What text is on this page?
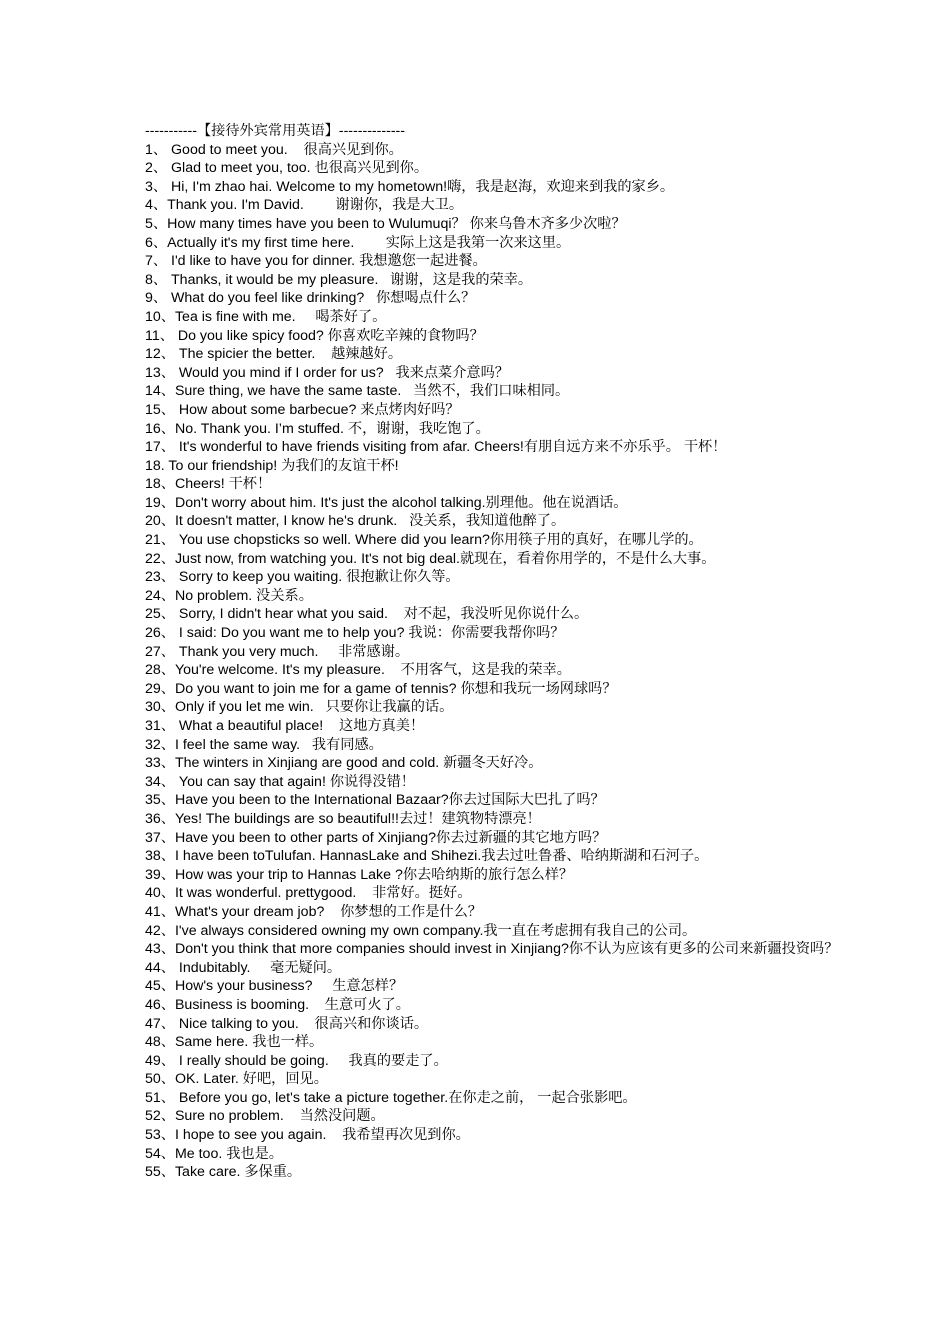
-----------【接待外宾常用英语】--------------
1、 Good to meet you.    很高兴见到你。
2、 Glad to meet you, too. 也很高兴见到你。
3、 Hi, I'm zhao hai. Welcome to my hometown!嗨，我是赵海，欢迎来到我的家乡。
4、Thank you. I'm David.        谢谢你，我是大卫。
5、How many times have you been to Wulumuqi？ 你来乌鲁木齐多少次啦？
6、Actually it's my first time here.        实际上这是我第一次来这里。
7、 I'd like to have you for dinner. 我想邀您一起进餐。
8、 Thanks, it would be my pleasure.   谢谢，这是我的荣幸。
9、 What do you feel like drinking?   你想喝点什么？
10、Tea is fine with me.     喝茶好了。
11、 Do you like spicy food? 你喜欢吃辛辣的食物吗？
12、 The spicier the better.    越辣越好。
13、 Would you mind if I order for us?   我来点菜介意吗？
14、Sure thing, we have the same taste.   当然不，我们口味相同。
15、 How about some barbecue? 来点烤肉好吗？
16、No. Thank you. I’m stuffed. 不，谢谢，我吃饱了。
17、 It's wonderful to have friends visiting from afar. Cheers!有朋自远方来不亦乐乎。 干杯！
18. To our friendship! 为我们的友谊干杯!
18、Cheers! 干杯！
19、Don't worry about him. It's just the alcohol talking.别理他。他在说酒话。
20、It doesn't matter, I know he's drunk.   没关系，我知道他醉了。
21、 You use chopsticks so well. Where did you learn?你用筷子用的真好，在哪儿学的。
22、Just now, from watching you. It's not big deal.就现在，看着你用学的，不是什么大事。
23、 Sorry to keep you waiting. 很抱歉让你久等。
24、No problem. 没关系。
25、 Sorry, I didn't hear what you said.    对不起，我没听见你说什么。
26、 I said: Do you want me to help you? 我说：你需要我帮你吗？
27、 Thank you very much.     非常感谢。
28、You're welcome. It's my pleasure.    不用客气，这是我的荣幸。
29、Do you want to join me for a game of tennis? 你想和我玩一场网球吗？
30、Only if you let me win.   只要你让我赢的话。
31、 What a beautiful place!    这地方真美！
32、I feel the same way.   我有同感。
33、The winters in Xinjiang are good and cold. 新疆冬天好冷。
34、 You can say that again! 你说得没错！
35、Have you been to the International Bazaar?你去过国际大巴扎了吗？
36、Yes! The buildings are so beautiful!!去过！建筑物特漂亮！
37、Have you been to other parts of Xinjiang?你去过新疆的其它地方吗？
38、I have been toTulufan. HannasLake and Shihezi.我去过吐鲁番、哈纳斯湖和石河子。
39、How was your trip to Hannas Lake ?你去哈纳斯的旅行怎么样？
40、It was wonderful. prettygood.    非常好。挺好。
41、What's your dream job?    你梦想的工作是什么？
42、I've always considered owning my own company.我一直在考虑拥有我自己的公司。
43、Don't you think that more companies should invest in Xinjiang?你不认为应该有更多的公司来新疆投资吗？
44、 Indubitably.     毫无疑问。
45、How's your business?     生意怎样？
46、Business is booming.    生意可火了。
47、 Nice talking to you.    很高兴和你谈话。
48、Same here. 我也一样。
49、 I really should be going.     我真的要走了。
50、OK. Later. 好吧，回见。
51、 Before you go, let's take a picture together.在你走之前， 一起合张影吧。
52、Sure no problem.    当然没问题。
53、I hope to see you again.    我希望再次见到你。
54、Me too. 我也是。
55、Take care. 多保重。
